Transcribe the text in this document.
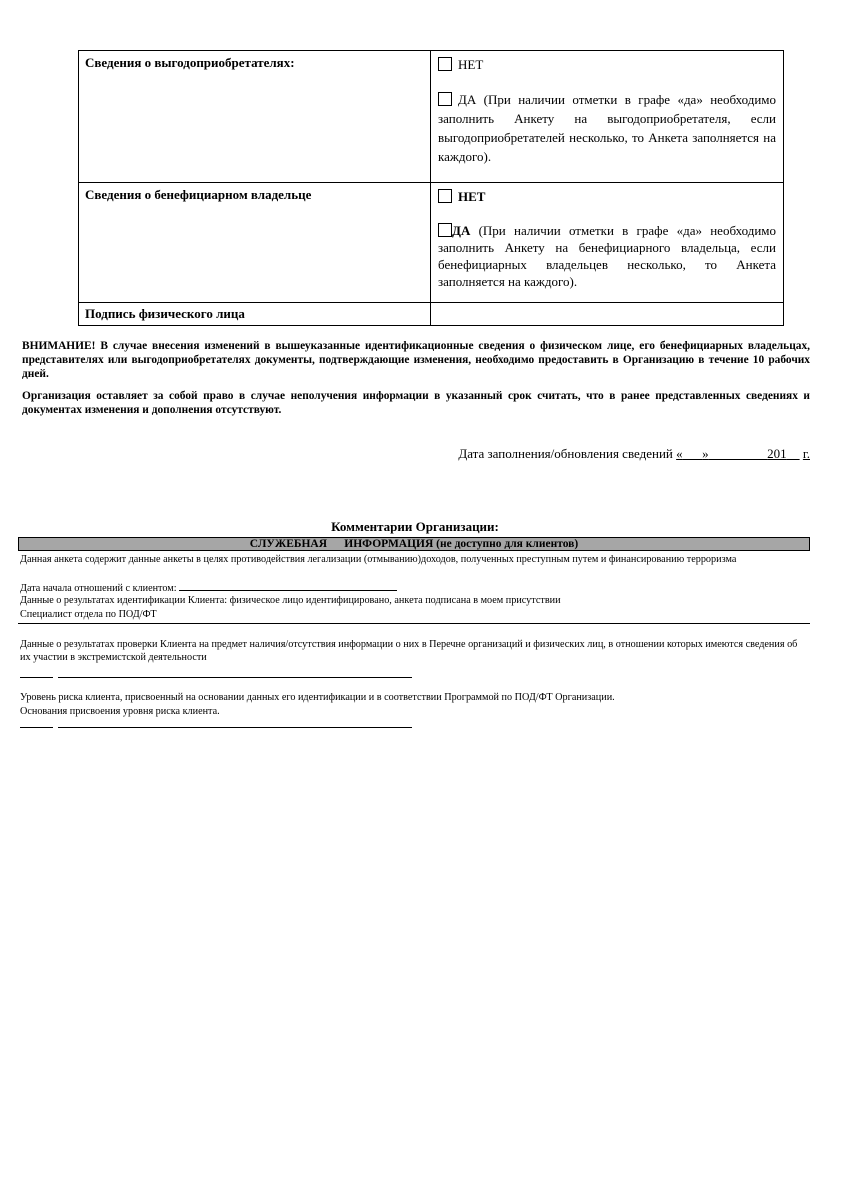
Сведения о выгодоприобретателях:	НЕТ
ДА (При наличии отметки в графе «да» необходимо заполнить Анкету на выгодоприобретателя, если выгодоприобретателей несколько, то Анкета заполняется на каждого).

Сведения о бенефициарном владельце	НЕТ
ДА (При наличии отметки в графе «да» необходимо заполнить Анкету на бенефициарного владельца, если бенефициарных владельцев несколько, то Анкета заполняется на каждого).

Подпись физического лица	

ВНИМАНИЕ! В случае внесения изменений в вышеуказанные идентификационные сведения о физическом лице, его бенефициарных владельцах, представителях или выгодоприобретателях документы, подтверждающие изменения, необходимо предоставить в Организацию в течение 10 рабочих дней.

Организация оставляет за собой право в случае неполучения информации в указанный срок считать, что в ранее представленных сведениях и документах изменения и дополнения отсутствуют.

Дата заполнения/обновления сведений « »	201 г.
Комментарии Организации:
СЛУЖЕБНАЯ ИНФОРМАЦИЯ (не доступно для клиентов)

Данная анкета содержит данные анкеты в целях противодействия легализации (отмыванию)доходов, полученных преступным путем и финансированию терроризма

Дата начала отношений с клиентом:

Данные о результатах идентификации Клиента: физическое лицо идентифицировано, анкета подписана в моем присутствии

Специалист отдела по ПОД/ФТ

Данные о результатах проверки Клиента на предмет наличия/отсутствия информации о них в Перечне организаций и физических лиц, в отношении которых имеются сведения об их участии в экстремистской деятельности

Уровень риска клиента, присвоенный на основании данных его идентификации и в соответствии Программой по ПОД/ФТ Организации.

Основания присвоения уровня риска клиента.
